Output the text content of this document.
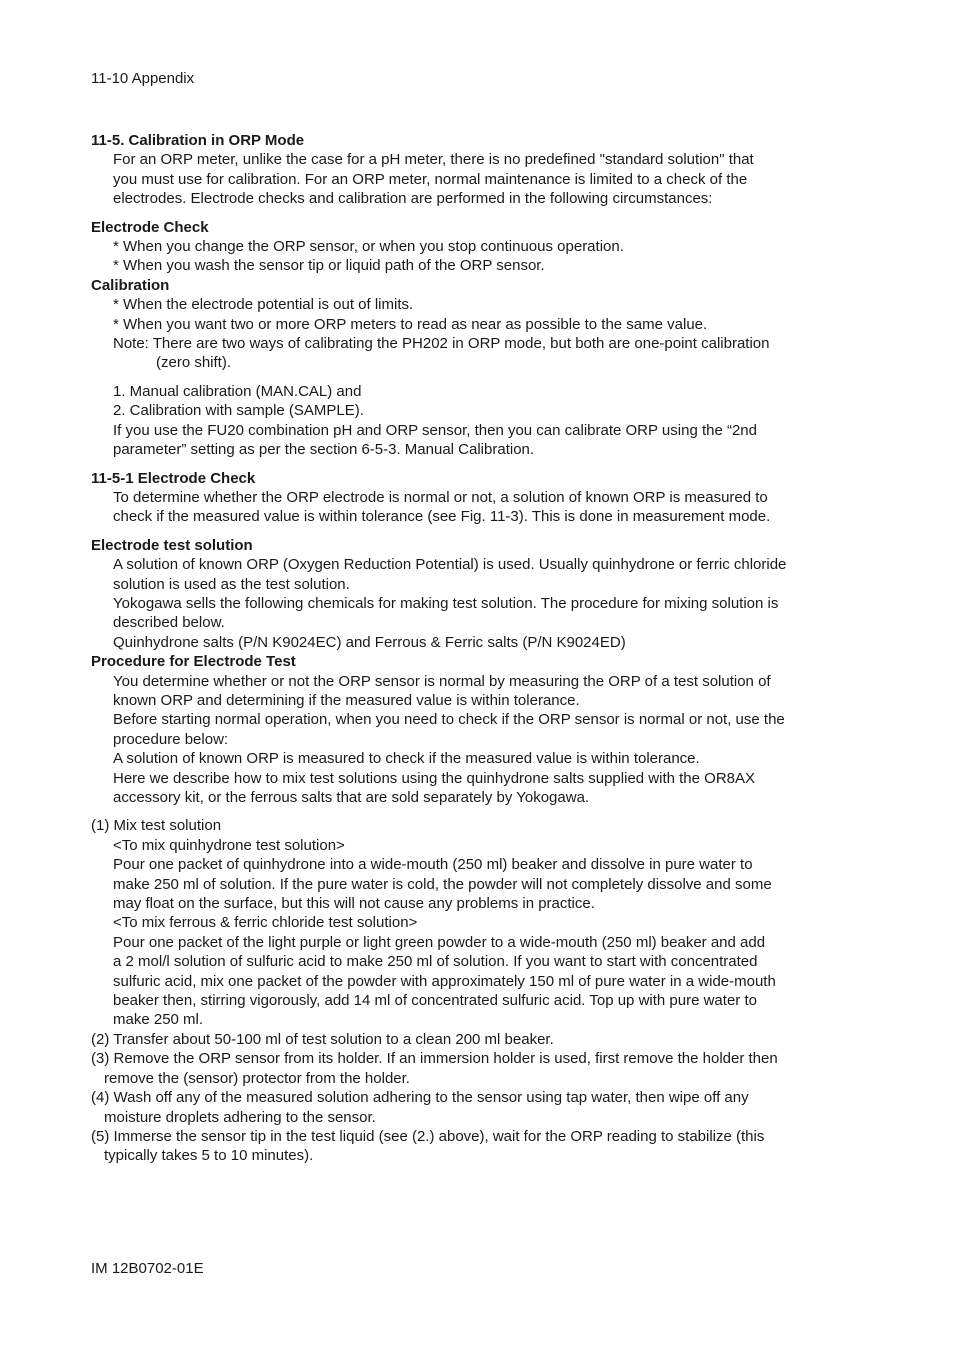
11-10 Appendix
11-5. Calibration in ORP Mode
For an ORP meter, unlike the case for a pH meter, there is no predefined "standard solution" that
you must use for calibration. For an ORP meter, normal maintenance is limited to a check of the
electrodes. Electrode checks and calibration are performed in the following circumstances:
Electrode Check
* When you change the ORP sensor, or when you stop continuous operation.
* When you wash the sensor tip or liquid path of the ORP sensor.
Calibration
* When the electrode potential is out of limits.
* When you want two or more ORP meters to read as near as possible to the same value.
Note: There are two ways of calibrating the PH202 in ORP mode, but both are one-point calibration
(zero shift).
1. Manual calibration (MAN.CAL) and
2. Calibration with sample (SAMPLE).
If you use the FU20 combination pH and ORP sensor, then you can calibrate ORP using the “2nd
parameter” setting as per the section 6-5-3. Manual Calibration.
11-5-1 Electrode Check
To determine whether the ORP electrode is normal or not, a solution of known ORP is measured to
check if the measured value is within tolerance (see Fig. 11-3). This is done in measurement mode.
Electrode test solution
A solution of known ORP (Oxygen Reduction Potential) is used. Usually quinhydrone or ferric chloride
solution is used as the test solution.
Yokogawa sells the following chemicals for making test solution. The procedure for mixing solution is
described below.
Quinhydrone salts (P/N K9024EC) and Ferrous & Ferric salts (P/N K9024ED)
Procedure for Electrode Test
You determine whether or not the ORP sensor is normal by measuring the ORP of a test solution of
known ORP and determining if the measured value is within tolerance.
Before starting normal operation, when you need to check if the ORP sensor is normal or not, use the
procedure below:
A solution of known ORP is measured to check if the measured value is within tolerance.
Here we describe how to mix test solutions using the quinhydrone salts supplied with the OR8AX
accessory kit, or the ferrous salts that are sold separately by Yokogawa.
(1) Mix test solution
<To mix quinhydrone test solution>
Pour one packet of quinhydrone into a wide-mouth (250 ml) beaker and dissolve in pure water to
make 250 ml of solution. If the pure water is cold, the powder will not completely dissolve and some
may float on the surface, but this will not cause any problems in practice.
<To mix ferrous & ferric chloride test solution>
Pour one packet of the light purple or light green powder to a wide-mouth (250 ml) beaker and add
a 2 mol/l solution of sulfuric acid to make 250 ml of solution. If you want to start with concentrated
sulfuric acid, mix one packet of the powder with approximately 150 ml of pure water in a wide-mouth
beaker then, stirring vigorously, add 14 ml of concentrated sulfuric acid. Top up with pure water to
make 250 ml.
(2) Transfer about 50-100 ml of test solution to a clean 200 ml beaker.
(3) Remove the ORP sensor from its holder. If an immersion holder is used, first remove the holder then
remove the (sensor) protector from the holder.
(4) Wash off any of the measured solution adhering to the sensor using tap water, then wipe off any
moisture droplets adhering to the sensor.
(5) Immerse the sensor tip in the test liquid (see (2.) above), wait for the ORP reading to stabilize (this
typically takes 5 to 10 minutes).
IM 12B0702-01E
